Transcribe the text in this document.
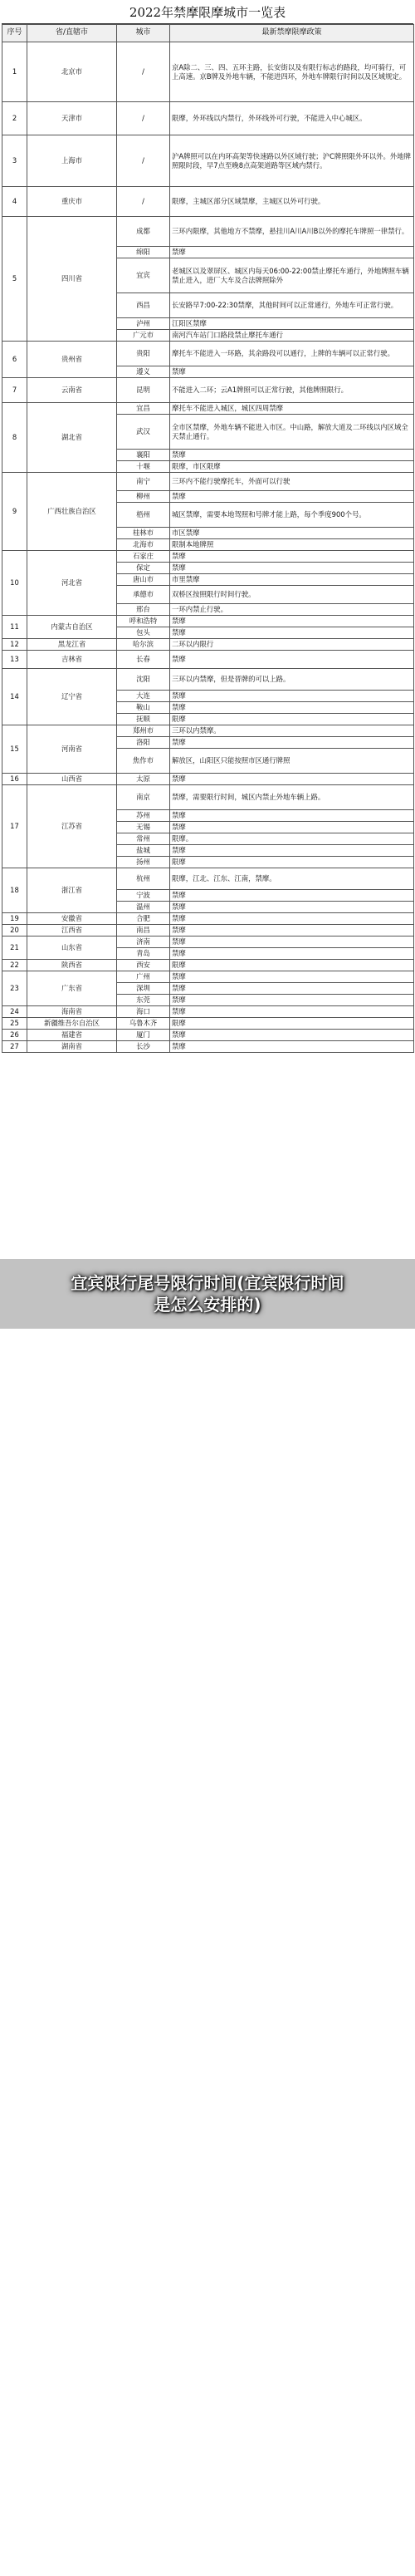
2022年禁摩限摩城市一览表
序号	省/直辖市	城市	最新禁摩限摩政策
1	北京市	/	京A除二、三、四、五环主路，长安街以及有限行标志的路段，均可骑行，可上高速。京B牌及外地车辆，不能进四环，外地车牌限行时间以及区域规定。
2	天津市	/	限摩，外环线以内禁行，外环线外可行驶，不能进入中心城区。
3	上海市	/	沪A牌照可以在内环高架等快速路以外区域行驶；沪C牌照限外环以外。外地牌照限时段，早7点至晚8点高架道路等区域内禁行。
4	重庆市	/	限摩，主城区部分区域禁摩，主城区以外可行驶。
5	四川省	成都	三环内限摩，其他地方不禁摩，悬挂川A川A川B以外的摩托车牌照一律禁行。
		绵阳	禁摩
		宜宾	老城区以及翠屏区、城区内每天06:00-22:00禁止摩托车通行，外地牌照车辆禁止进入，进厂大车及合法牌照除外
		西昌	长安路早7:00-22:30禁摩，其他时间可以正常通行，外地车可正常行驶。
		泸州	江阳区禁摩
		广元市	南河汽车站门口路段禁止摩托车通行
6	贵州省	贵阳	摩托车不能进入一环路，其余路段可以通行，上牌的车辆可以正常行驶。
		遵义	禁摩
7	云南省	昆明	不能进入二环；云A1牌照可以正常行驶，其他牌照限行。
8	湖北省	宜昌	摩托车不能进入城区，城区四周禁摩
		武汉	全市区禁摩，外地车辆不能进入市区。中山路，解放大道及二环线以内区域全天禁止通行。
		襄阳	禁摩
		十堰	限摩，市区限摩
9	广西壮族自治区	南宁	三环内不能行驶摩托车，外面可以行驶
		柳州	禁摩
		梧州	城区禁摩，需要本地驾照和号牌才能上路，每个季度900个号。
		桂林市	市区禁摩
		北海市	限制本地牌照
10	河北省	石家庄	禁摩
		保定	禁摩
		唐山市	市里禁摩
		承德市	双桥区按照限行时间行驶。
		邢台	一环内禁止行驶。
11	内蒙古自治区	呼和浩特	禁摩
		包头	禁摩
12	黑龙江省	哈尔滨	二环以内限行
13	吉林省	长春	禁摩
14	辽宁省	沈阳	三环以内禁摩，但是晋牌的可以上路。
		大连	禁摩
		鞍山	禁摩
		抚顺	限摩
15	河南省	郑州市	三环以内禁摩。
		洛阳	禁摩
		焦作市	解放区，山阳区只能按照市区通行牌照
16	山西省	太原	禁摩
17	江苏省	南京	禁摩，需要限行时间，城区内禁止外地车辆上路。
		苏州	禁摩
		无锡	禁摩
		常州	限摩。
		盐城	禁摩
		扬州	限摩
18	浙江省	杭州	限摩，江北、江东、江南，禁摩。
		宁波	禁摩
		温州	禁摩
19	安徽省	合肥	禁摩
20	江西省	南昌	禁摩
21	山东省	济南	禁摩
		青岛	禁摩
22	陕西省	西安	限摩
23	广东省	广州	禁摩
		深圳	禁摩
		东莞	禁摩
24	海南省	海口	禁摩
25	新疆维吾尔自治区	乌鲁木齐	限摩
26	福建省	厦门	禁摩
27	湖南省	长沙	禁摩
宜宾限行尾号限行时间(宜宾限行时间
是怎么安排的)
